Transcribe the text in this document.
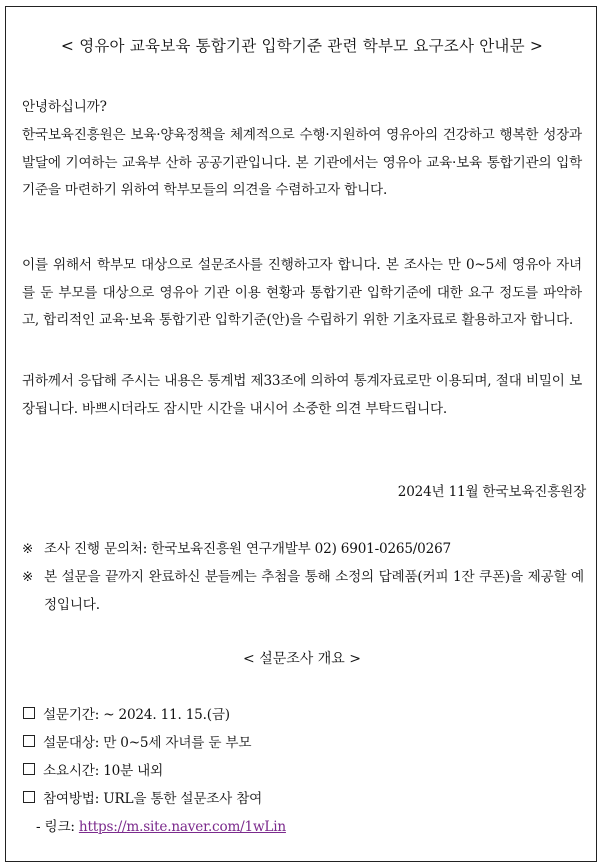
< 영유아 교육보육 통합기관 입학기준 관련 학부모 요구조사 안내문 >
안녕하십니까?
한국보육진흥원은 보육·양육정책을 체계적으로 수행·지원하여 영유아의 건강하고 행복한 성장과 발달에 기여하는 교육부 산하 공공기관입니다. 본 기관에서는 영유아 교육·보육 통합기관의 입학기준을 마련하기 위하여 학부모들의 의견을 수렴하고자 합니다.
이를 위해서 학부모 대상으로 설문조사를 진행하고자 합니다. 본 조사는 만 0~5세 영유아 자녀를 둔 부모를 대상으로 영유아 기관 이용 현황과 통합기관 입학기준에 대한 요구 정도를 파악하고, 합리적인 교육·보육 통합기관 입학기준(안)을 수립하기 위한 기초자료로 활용하고자 합니다.
귀하께서 응답해 주시는 내용은 통계법 제33조에 의하여 통계자료로만 이용되며, 절대 비밀이 보장됩니다. 바쁘시더라도 잠시만 시간을 내시어 소중한 의견 부탁드립니다.
2024년 11월 한국보육진흥원장
※ 조사 진행 문의처: 한국보육진흥원 연구개발부 02) 6901-0265/0267
※ 본 설문을 끝까지 완료하신 분들께는 추첨을 통해 소정의 답례품(커피 1잔 쿠폰)을 제공할 예정입니다.
< 설문조사 개요 >
설문기간: ~ 2024. 11. 15.(금)
설문대상: 만 0~5세 자녀를 둔 부모
소요시간: 10분 내외
참여방법: URL을 통한 설문조사 참여
- 링크: https://m.site.naver.com/1wLin
